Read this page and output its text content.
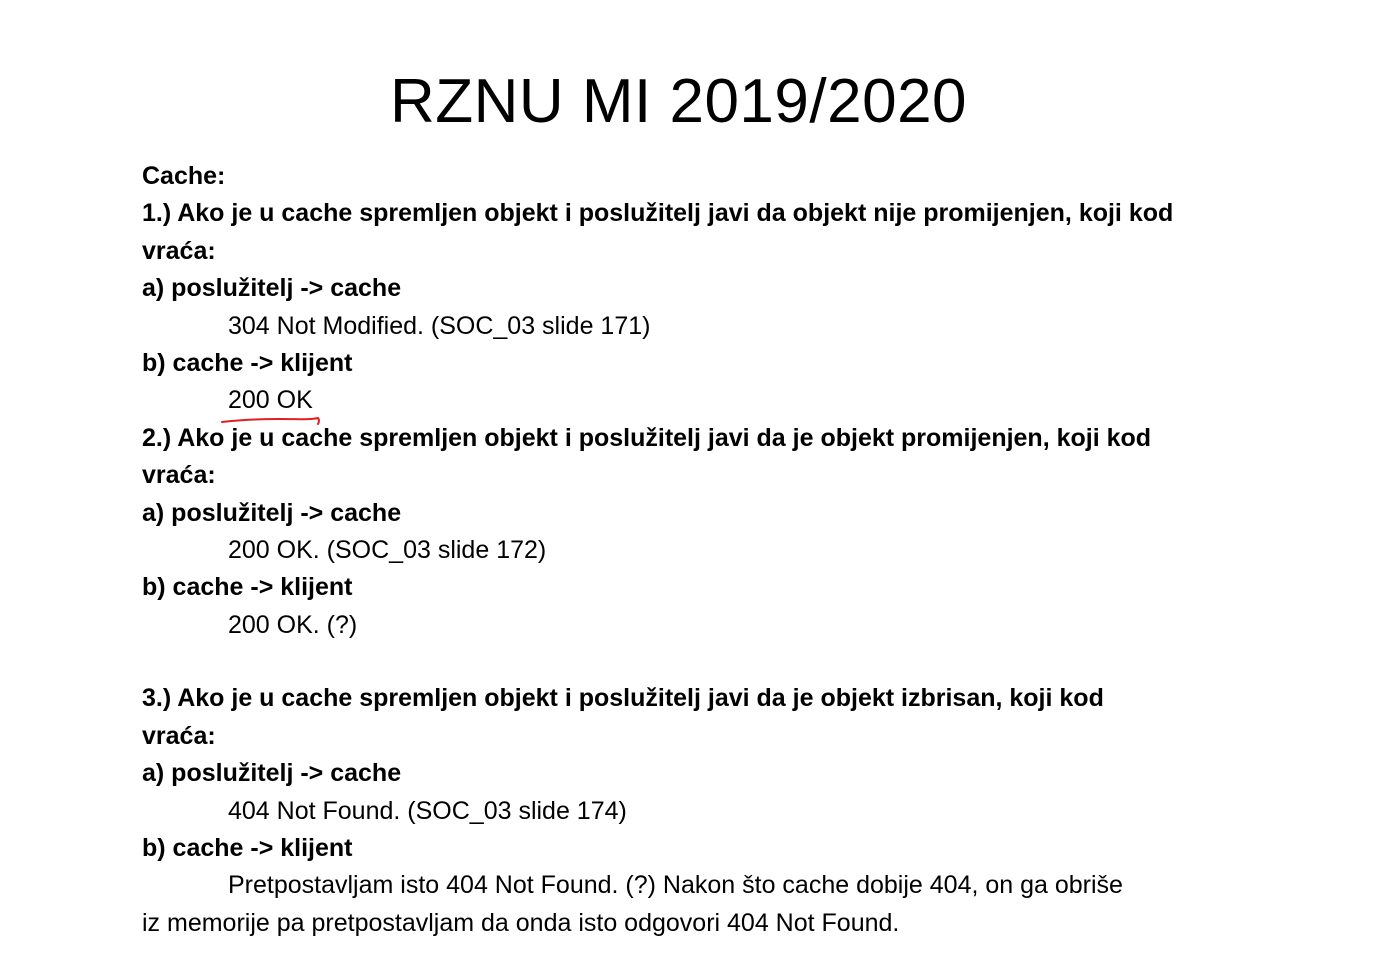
RZNU MI 2019/2020
Cache:
1.) Ako je u cache spremljen objekt i poslužitelj javi da objekt nije promijenjen, koji kod
vraća:
a) poslužitelj -> cache
304 Not Modified. (SOC_03 slide 171)
b) cache -> klijent
200 OK
2.) Ako je u cache spremljen objekt i poslužitelj javi da je objekt promijenjen, koji kod
vraća:
a) poslužitelj -> cache
200 OK. (SOC_03 slide 172)
b) cache -> klijent
200 OK. (?)
3.) Ako je u cache spremljen objekt i poslužitelj javi da je objekt izbrisan, koji kod
vraća:
a) poslužitelj -> cache
404 Not Found. (SOC_03 slide 174)
b) cache -> klijent
Pretpostavljam isto 404 Not Found. (?) Nakon što cache dobije 404, on ga obriše
iz memorije pa pretpostavljam da onda isto odgovori 404 Not Found.
